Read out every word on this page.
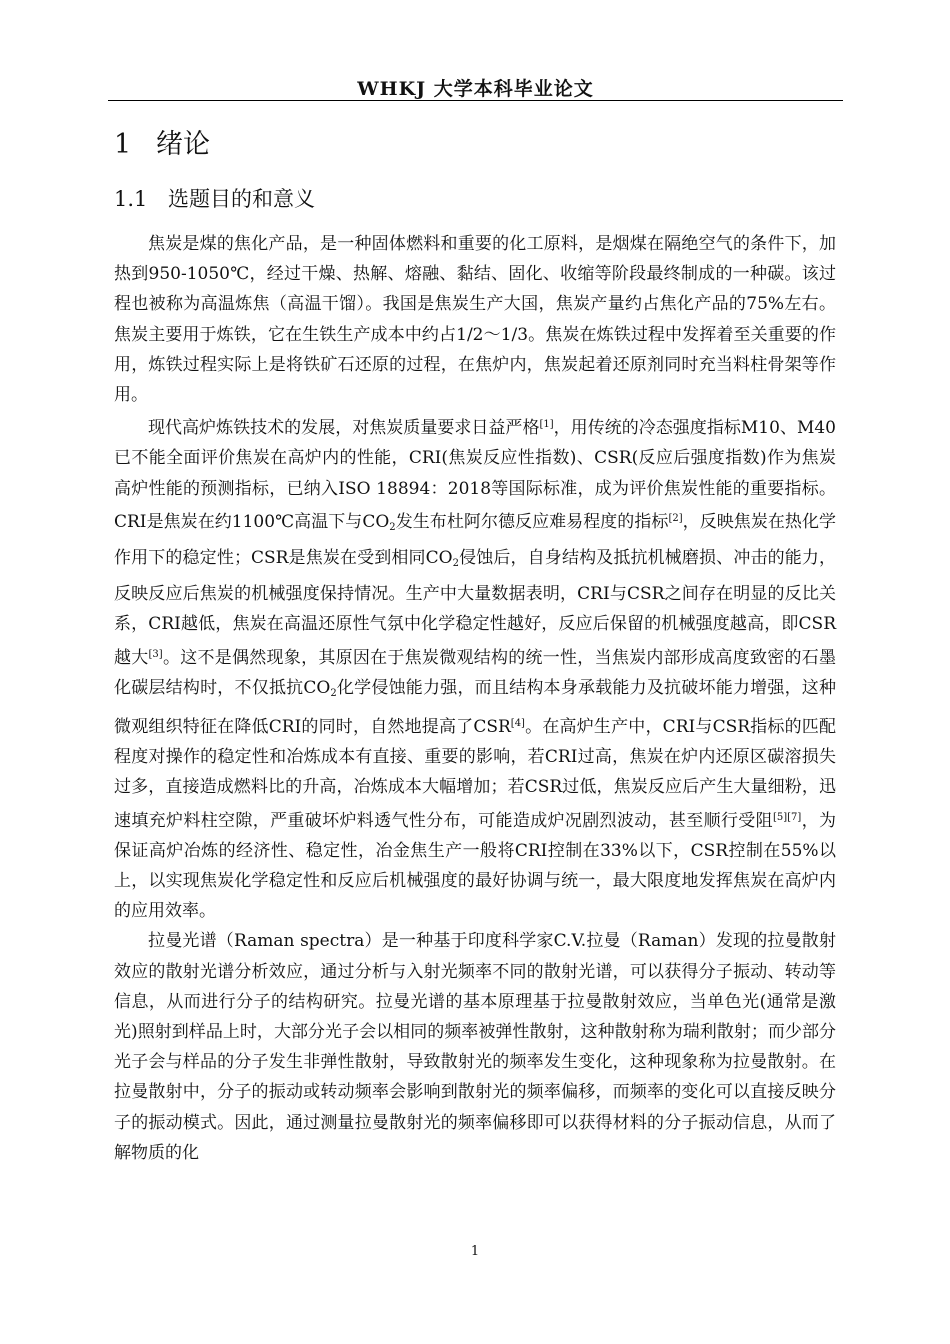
WHKJ 大学本科毕业论文
1 绪论
1.1 选题目的和意义

焦炭是煤的焦化产品，是一种固体燃料和重要的化工原料，是烟煤在隔绝空气的条件下，加热到950-1050℃，经过干燥、热解、熔融、黏结、固化、收缩等阶段最终制成的一种碳。该过程也被称为高温炼焦（高温干馏）。我国是焦炭生产大国，焦炭产量约占焦化产品的75%左右。焦炭主要用于炼铁，它在生铁生产成本中约占1/2～1/3。焦炭在炼铁过程中发挥着至关重要的作用，炼铁过程实际上是将铁矿石还原的过程，在焦炉内，焦炭起着还原剂同时充当料柱骨架等作用。

现代高炉炼铁技术的发展，对焦炭质量要求日益严格[1]，用传统的冷态强度指标M10、M40已不能全面评价焦炭在高炉内的性能，CRI(焦炭反应性指数)、CSR(反应后强度指数)作为焦炭高炉性能的预测指标，已纳入ISO 18894：2018等国际标准，成为评价焦炭性能的重要指标。CRI是焦炭在约1100℃高温下与$CO_2$发生布杜阿尔德反应难易程度的指标[2]，反映焦炭在热化学作用下的稳定性；CSR是焦炭在受到相同$CO_2$侵蚀后，自身结构及抵抗机械磨损、冲击的能力，反映反应后焦炭的机械强度保持情况。生产中大量数据表明，CRI与CSR之间存在明显的反比关系，CRI越低，焦炭在高温还原性气氛中化学稳定性越好，反应后保留的机械强度越高，即CSR越大[3]。这不是偶然现象，其原因在于焦炭微观结构的统一性，当焦炭内部形成高度致密的石墨化碳层结构时，不仅抵抗$CO_2$化学侵蚀能力强，而且结构本身承载能力及抗破坏能力增强，这种微观组织特征在降低CRI的同时，自然地提高了CSR[4]。在高炉生产中，CRI与CSR指标的匹配程度对操作的稳定性和冶炼成本有直接、重要的影响，若CRI过高，焦炭在炉内还原区碳溶损失过多，直接造成燃料比的升高，冶炼成本大幅增加；若CSR过低，焦炭反应后产生大量细粉，迅速填充炉料柱空隙，严重破坏炉料透气性分布，可能造成炉况剧烈波动，甚至顺行受阻[5][7]，为保证高炉冶炼的经济性、稳定性，冶金焦生产一般将CRI控制在33%以下，CSR控制在55%以上，以实现焦炭化学稳定性和反应后机械强度的最好协调与统一，最大限度地发挥焦炭在高炉内的应用效率。

拉曼光谱（Raman spectra）是一种基于印度科学家C.V.拉曼（Raman）发现的拉曼散射效应的散射光谱分析效应，通过分析与入射光频率不同的散射光谱，可以获得分子振动、转动等信息，从而进行分子的结构研究。拉曼光谱的基本原理基于拉曼散射效应，当单色光(通常是激光)照射到样品上时，大部分光子会以相同的频率被弹性散射，这种散射称为瑞利散射；而少部分光子会与样品的分子发生非弹性散射，导致散射光的频率发生变化，这种现象称为拉曼散射。在拉曼散射中，分子的振动或转动频率会影响到散射光的频率偏移，而频率的变化可以直接反映分子的振动模式。因此，通过测量拉曼散射光的频率偏移即可以获得材料的分子振动信息，从而了解物质的化

1
